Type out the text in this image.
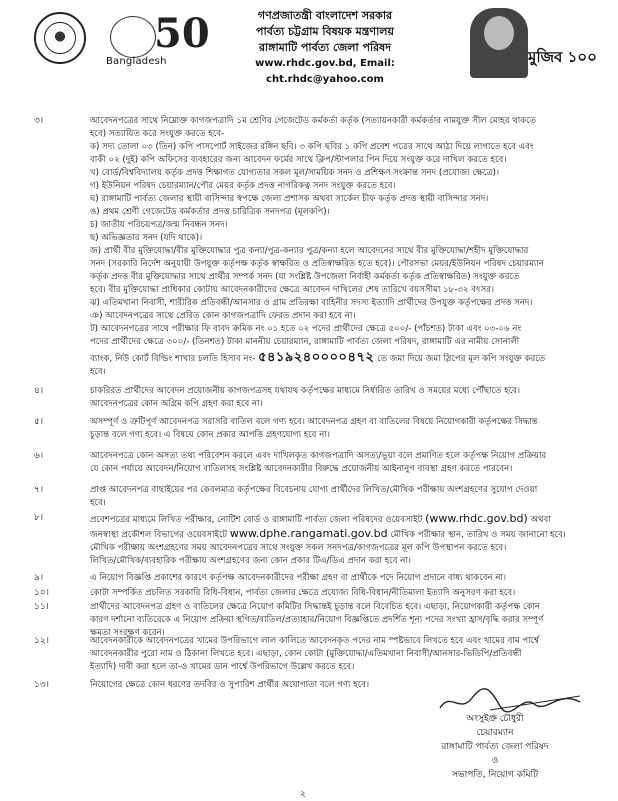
50
Bangladesh
গণপ্রজাতন্ত্রী বাংলাদেশ সরকার
পার্বত্য চট্টগ্রাম বিষয়ক মন্ত্রণালয়
রাঙ্গামাটি পার্বত্য জেলা পরিষদ
www.rhdc.gov.bd, Email: cht.rhdc@yahoo.com
মুজিব ১০০
৩।	আবেদনপত্রের সাথে নিম্নোক্ত কাগজপত্রাদি ১ম শ্রেণির গেজেটেড কর্মকর্তা কর্তৃক (সত্যায়নকারী কর্মকর্তার নামযুক্ত সীল মোহর থাকতে

হবে) সত্যায়িত করে সংযুক্ত করতে হবে-

ক) সদ্য তোলা ০৩ (তিন) কপি পাসপোর্ট সাইজের রঙ্গিন ছবি। ৩ কপি ছবির ১ কপি প্রবেশ পত্রের সাথে আঠা দিয়ে লাগাতে হবে এবং

বাকী ০২ (দুই) কপি অফিসের ব্যবহারের জন্য আবেদন ফর্মের সাথে ক্লিপ/স্টাপলার পিন দিয়ে সংযুক্ত করে দাখিল করতে হবে।

খ) বোর্ড/বিশ্ববিদ্যালয় কর্তৃক প্রদত্ত শিক্ষাগত যোগ্যতার সকল মূল/সাময়িক সনদ ও প্রশিক্ষণ সংক্রান্ত সনদ (প্রযোজ্য ক্ষেত্রে)।

গ) ইউনিয়ন পরিষদ চেয়ারম্যান/পৌর মেয়র কর্তৃক প্রদত্ত নাগরিকত্ব সনদ সংযুক্ত করতে হবে।

ঘ) রাঙ্গামাটি পার্বত্য জেলার স্থায়ী বাসিন্দার স্বপক্ষে জেলা প্রশাসক অথবা সার্কেল চীফ কর্তৃক প্রদত্ত স্থায়ী বাসিন্দার সনদ।

ঙ) প্রথম শ্রেণী গেজেটেড কর্মকর্তার প্রদত্ত চারিত্রিক সনদপত্র (মূলকপি)।

চ) জাতীয় পরিচয়পত্র/জন্ম নিবন্ধন সনদ।

ছ) অভিজ্ঞতার সনদ (যদি থাকে)।

জ) প্রার্থী বীর মুক্তিযোদ্ধা/বীর মুক্তিযোদ্ধার পুত্র কন্যা/পুত্র-কন্যার পুত্র/কন্যা হলে আবেদনের সাথে বীর মুক্তিযোদ্ধা/শহীদ মুক্তিযোদ্ধার

সনদ (সরকারি নির্দেশ অনুযায়ী উপযুক্ত কর্তৃপক্ষ কর্তৃক স্বাক্ষরিত ও প্রতিস্বাক্ষরিত হতে হবে)। পৌরসভা মেয়র/ইউনিয়ন পরিষদ চেয়ারম্যান

কর্তৃক প্রদত্ত বীর মুক্তিযোদ্ধার সাথে প্রার্থীর সম্পর্ক সনদ (যা সংশ্লিষ্ট উপজেলা নির্বাহী কর্মকর্তা কর্তৃক প্রতিস্বাক্ষরিত) সংযুক্ত করতে

হবে। বীর মুক্তিযোদ্ধা প্রাধিকার কোটায় আবেদনকারীদের ক্ষেত্রে আবেদন দাখিলের শেষ তারিখে বয়সসীমা ১৮-৩২ বৎসর।

ঝ) এতিমখানা নিবাসী, শারীরিক প্রতিবন্ধী/আনসার ও গ্রাম প্রতিরক্ষা বাহিনীর সদস্য ইত্যাদি প্রার্থীদের উপযুক্ত কর্তৃপক্ষের প্রদত্ত সনদ।

ঞ) আবেদনপত্রের সাথে প্রেরিত কোন কাগজপত্রাদি ফেরত প্রদান করা হবে না।

ট) আবেদনপত্রের সাথে পরীক্ষার ফি বাবদ ক্রমিক নং ০১ হতে ০২ পদের প্রার্থীদের ক্ষেত্রে ৫০০/- (পাঁচশত) টাকা এবং ০৩-০৬ নং

পদের প্রার্থীদের ক্ষেত্রে ৩০০/- (তিনশত) টাকা মাননীয় চেয়ারম্যান, রাঙ্গামাটি পার্বত্য জেলা পরিষদ, রাঙ্গামাটি এর নামীয় সোনালী

ব্যাংক, নিউ কোর্ট বিল্ডিং শাখার চলতি হিসাব নং- ৫৪১৯২৪০০০০৪৭২ তে জমা দিয়ে জমা স্লিপের মূল কপি সংযুক্ত করতে

হবে।

৪।	চাকরিরত প্রার্থীদের আবেদন প্রয়োজনীয় কাগজপত্রসহ যথাযথ কর্তৃপক্ষের মাধ্যমে নির্ধারিত তারিখ ও সময়ের মধ্যে পৌঁছাতে হবে।

আবেদনপত্রের কোন অগ্রিম কপি গ্রহণ করা হবে না।

৫।	অসম্পূর্ণ ও ত্রুটিপূর্ণ আবেদনপত্র সরাসরি বাতিল বলে গণ্য হবে। আবেদনপত্র গ্রহণ বা বাতিলের বিষয়ে নিয়োগকারী কর্তৃপক্ষের সিদ্ধান্ত

চূড়ান্ত বলে গণ্য হবে। এ বিষয়ে কোন প্রকার আপত্তি গ্রহণযোগ্য হবে না।

৬।	আবেদনপত্রে কোন অসত্য তথ্য পরিবেশন করলে এবং দাখিলকৃত কাগজপত্রাদি অসত্য/ভূয়া বলে প্রমাণিত হলে কর্তৃপক্ষ নিয়োগ প্রক্রিয়ার

যে কোন পর্যায়ে আবেদন/নিয়োগ বাতিলসহ সংশ্লিষ্ট আবেদনকারীর বিরুদ্ধে প্রয়োজনীয় আইনানুগ ব্যবস্থা গ্রহণ করতে পারবেন।

৭।	প্রাপ্ত আবেদনপত্র বাছাইয়ের পর কেবলমাত্র কর্তৃপক্ষের বিবেচনায় যোগ্য প্রার্থীদের লিখিত/মৌখিক পরীক্ষায় অংশগ্রহণের সুযোগ দেওয়া

হবে।

৮।	প্রবেশপত্রের মাধ্যমে লিখিত পরীক্ষার, নোটিশ বোর্ড ও রাঙ্গামাটি পার্বত্য জেলা পরিষদের ওয়েবসাইট (www.rhdc.gov.bd) অথবা

জনস্বাস্থ্য প্রকৌশল বিভাগের ওয়েবসাইটে www.dphe.rangamati.gov.bd মৌখিক পরীক্ষার স্থান, তারিখ ও সময় জানানো হবে।

মৌখিক পরীক্ষায় অংশগ্রহণের সময় আবেদনপত্রের সাথে সংযুক্ত সকল সনদপত্র/কাগজপত্রের মূল কপি উপস্থাপন করতে হবে।

লিখিত/মৌখিক/ব্যবহারিক পরীক্ষায় অংশগ্রহণের জন্য কোন প্রকার টিএ/ডিএ প্রদান করা হবে না।

৯।	এ নিয়োগ বিজ্ঞপ্তি প্রকাশের কারণে কর্তৃপক্ষ আবেদনকারীদের পরীক্ষা গ্রহণ বা প্রার্থীকে পদে নিয়োগ প্রদানে বাধ্য থাকবেন না।

১০।	কোটা সম্পর্কিত প্রচলিত সরকারি বিধি-বিধান, পার্বত্য জেলার ক্ষেত্রে প্রযোজ্য বিধি-বিধান/নীতিমালা ইত্যাদি অনুসরণ করা হবে।

১১।	প্রার্থীদের আবেদনপত্র গ্রহণ ও বাতিলের ক্ষেত্রে নিয়োগ কমিটির সিদ্ধান্তই চূড়ান্ত বলে বিবেচিত হবে। এছাড়া, নিয়োগকারী কর্তৃপক্ষ কোন

কারণ দর্শানো ব্যতিরেকে এ নিয়োগ প্রক্রিয়া স্থগিত/বাতিল/প্রত্যাহার/নিয়োগ বিজ্ঞপ্তিতে প্রদর্শিত শূন্য পদের সংখ্যা হ্রাস/বৃদ্ধি করার সম্পূর্ণ

ক্ষমতা সংরক্ষণ করেন।

১২।	আবেদনকারীকে আবেদনপত্রের খামের উপরিভাগে লাল কালিতে আবেদনকৃত পদের নাম স্পষ্টভাবে লিখতে হবে এবং খামের বাম পার্শ্বে

আবেদনকারীর পুরো নাম ও ঠিকানা লিখতে হবে। এছাড়া, কোন কোটা (মুক্তিযোদ্ধা/এতিমখানা নিবাসী/আনসার-ভিডিপি/প্রতিবন্ধী

ইত্যাদি) দাবী করা হলে তা-ও খামের ডান পার্শ্বে উপরিভাগে উল্লেখ করতে হবে।

১৩।	নিয়োগের ক্ষেত্রে কোন ধরণের তদবির ও সুপারিশ প্রার্থীর অযোগ্যতা বলে গণ্য হবে।

অংসুইপ্রু চৌধুরী
চেয়ারম্যান
রাঙ্গামাটি পার্বত্য জেলা পরিষদ
ও
সভাপতি, নিয়োগ কমিটি
২
